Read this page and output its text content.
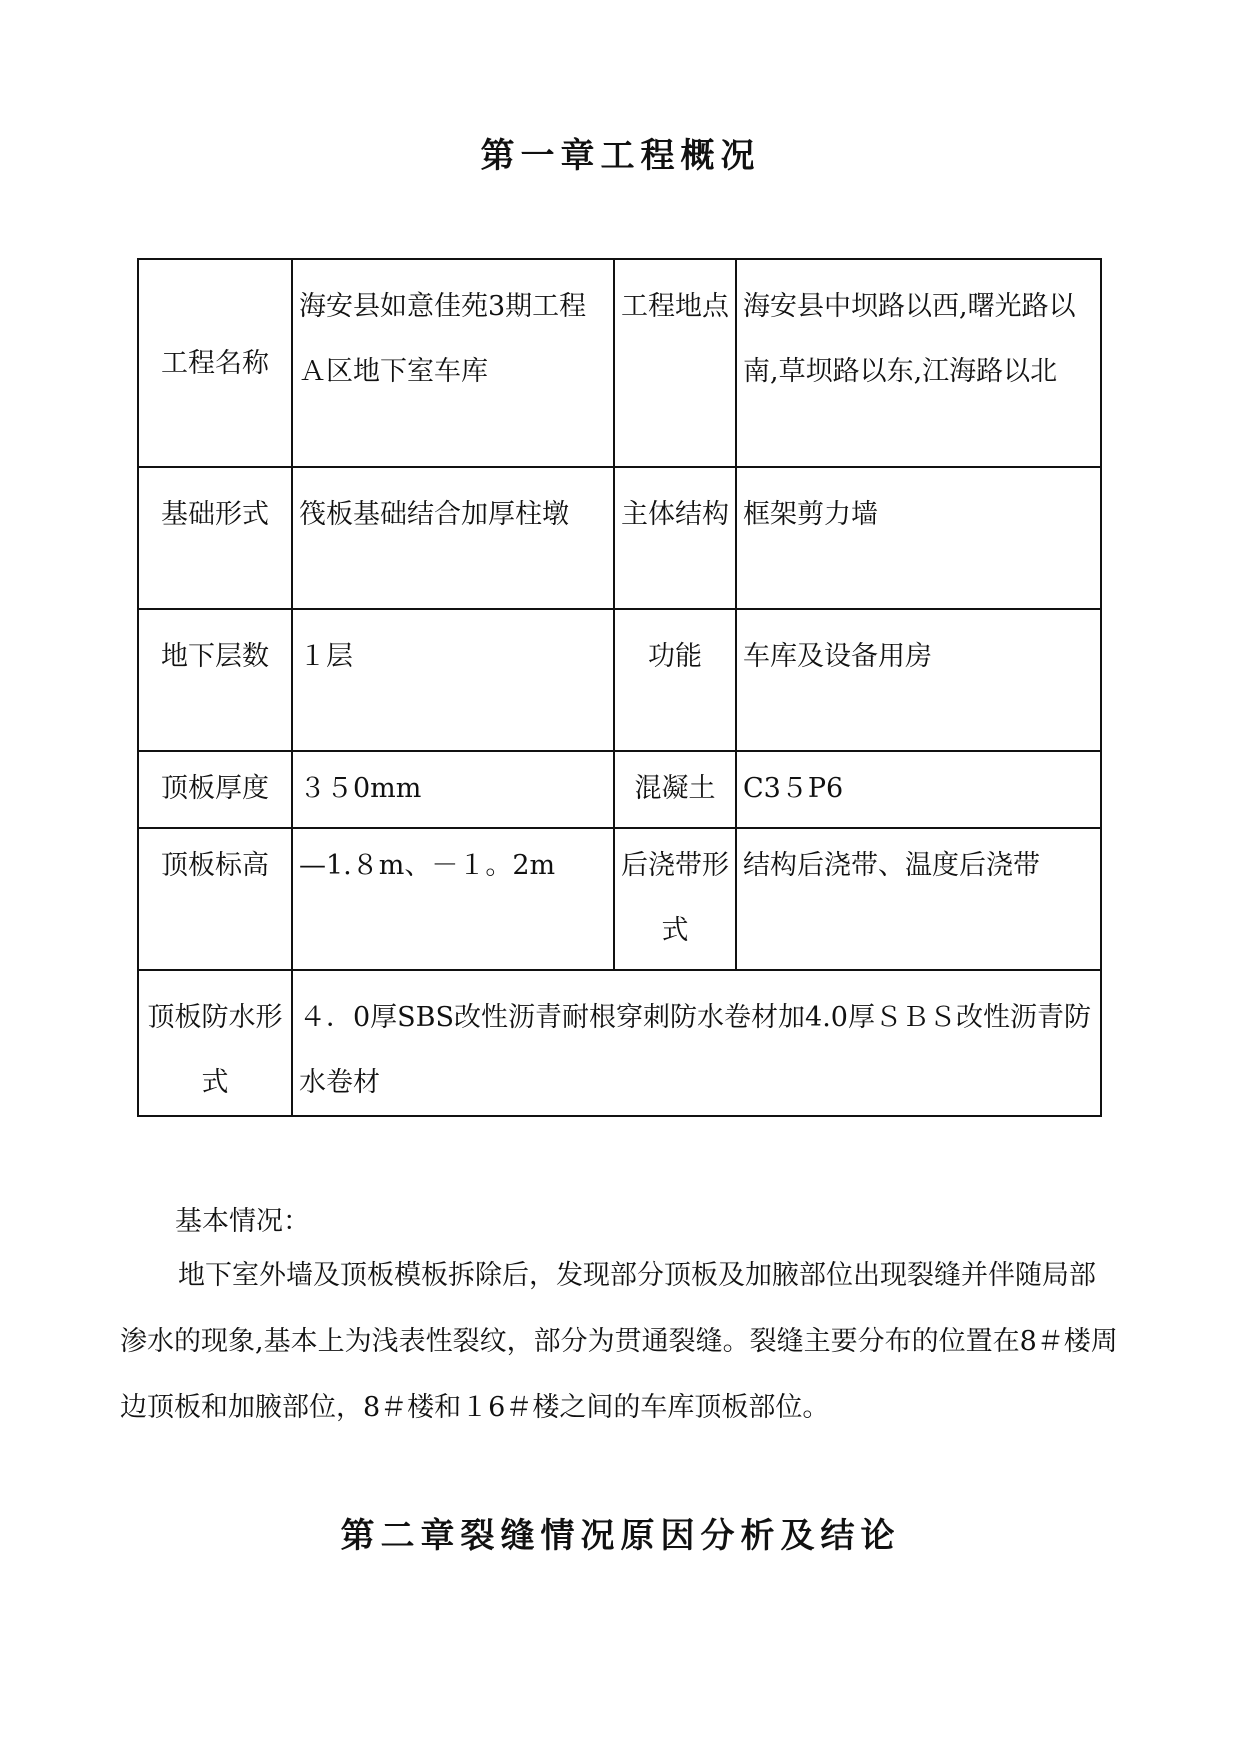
第一章工程概况
工程名称	海安县如意佳苑3期工程Ａ区地下室车库	工程地点	海安县中坝路以西,曙光路以南,草坝路以东,江海路以北
基础形式	筏板基础结合加厚柱墩	主体结构	框架剪力墙
地下层数	１层	功能	车库及设备用房
顶板厚度	３５0mm	混凝土	C3５P6
顶板标高	—1.８m、－１。2m	后浇带形式	结构后浇带、温度后浇带
顶板防水形式	４．0厚SBS改性沥青耐根穿刺防水卷材加4.0厚ＳＢＳ改性沥青防水卷材		
基本情况：
地下室外墙及顶板模板拆除后，发现部分顶板及加腋部位出现裂缝并伴随局部渗水的现象,基本上为浅表性裂纹，部分为贯通裂缝。裂缝主要分布的位置在8＃楼周边顶板和加腋部位，8＃楼和１6＃楼之间的车库顶板部位。
第二章裂缝情况原因分析及结论
